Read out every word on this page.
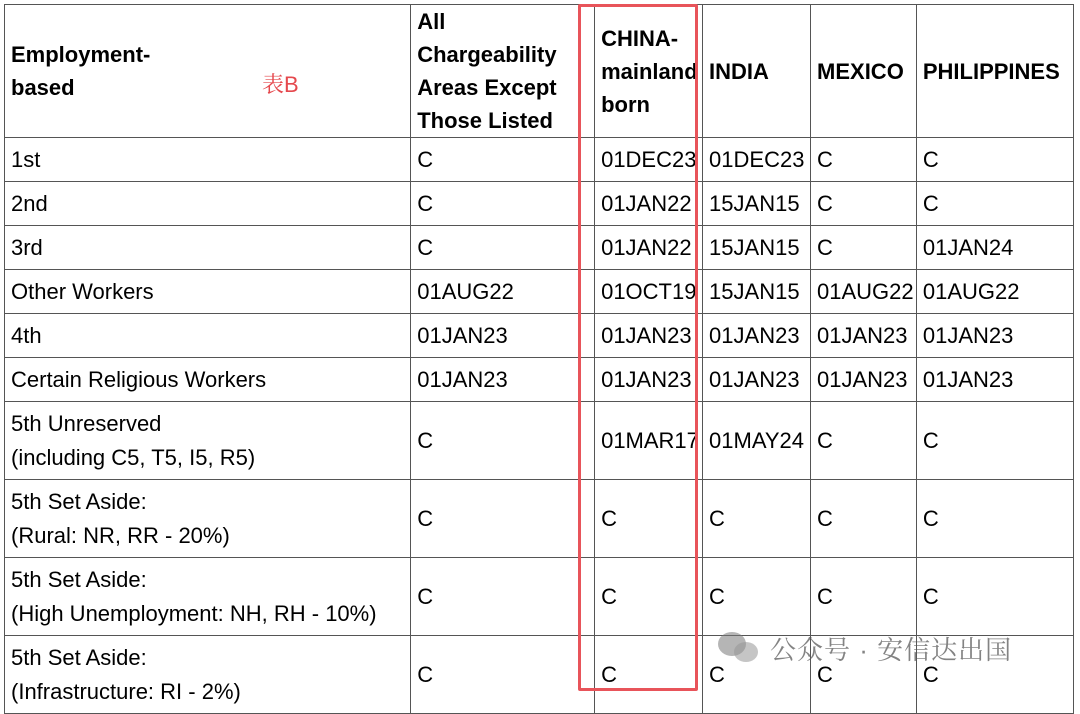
Employment-
based	All Chargeability Areas Except Those Listed	CHINA-mainland born	INDIA	MEXICO	PHILIPPINES
1st	C	01DEC23	01DEC23	C	C
2nd	C	01JAN22	15JAN15	C	C
3rd	C	01JAN22	15JAN15	C	01JAN24
Other Workers	01AUG22	01OCT19	15JAN15	01AUG22	01AUG22
4th	01JAN23	01JAN23	01JAN23	01JAN23	01JAN23
Certain Religious Workers	01JAN23	01JAN23	01JAN23	01JAN23	01JAN23
5th Unreserved
(including C5, T5, I5, R5)	C	01MAR17	01MAY24	C	C
5th Set Aside:
(Rural: NR, RR - 20%)	C	C	C	C	C
5th Set Aside:
(High Unemployment: NH, RH - 10%)	C	C	C	C	C
5th Set Aside:
(Infrastructure: RI - 2%)	C	C	C	C	C
表B
公众号 · 安信达出国
